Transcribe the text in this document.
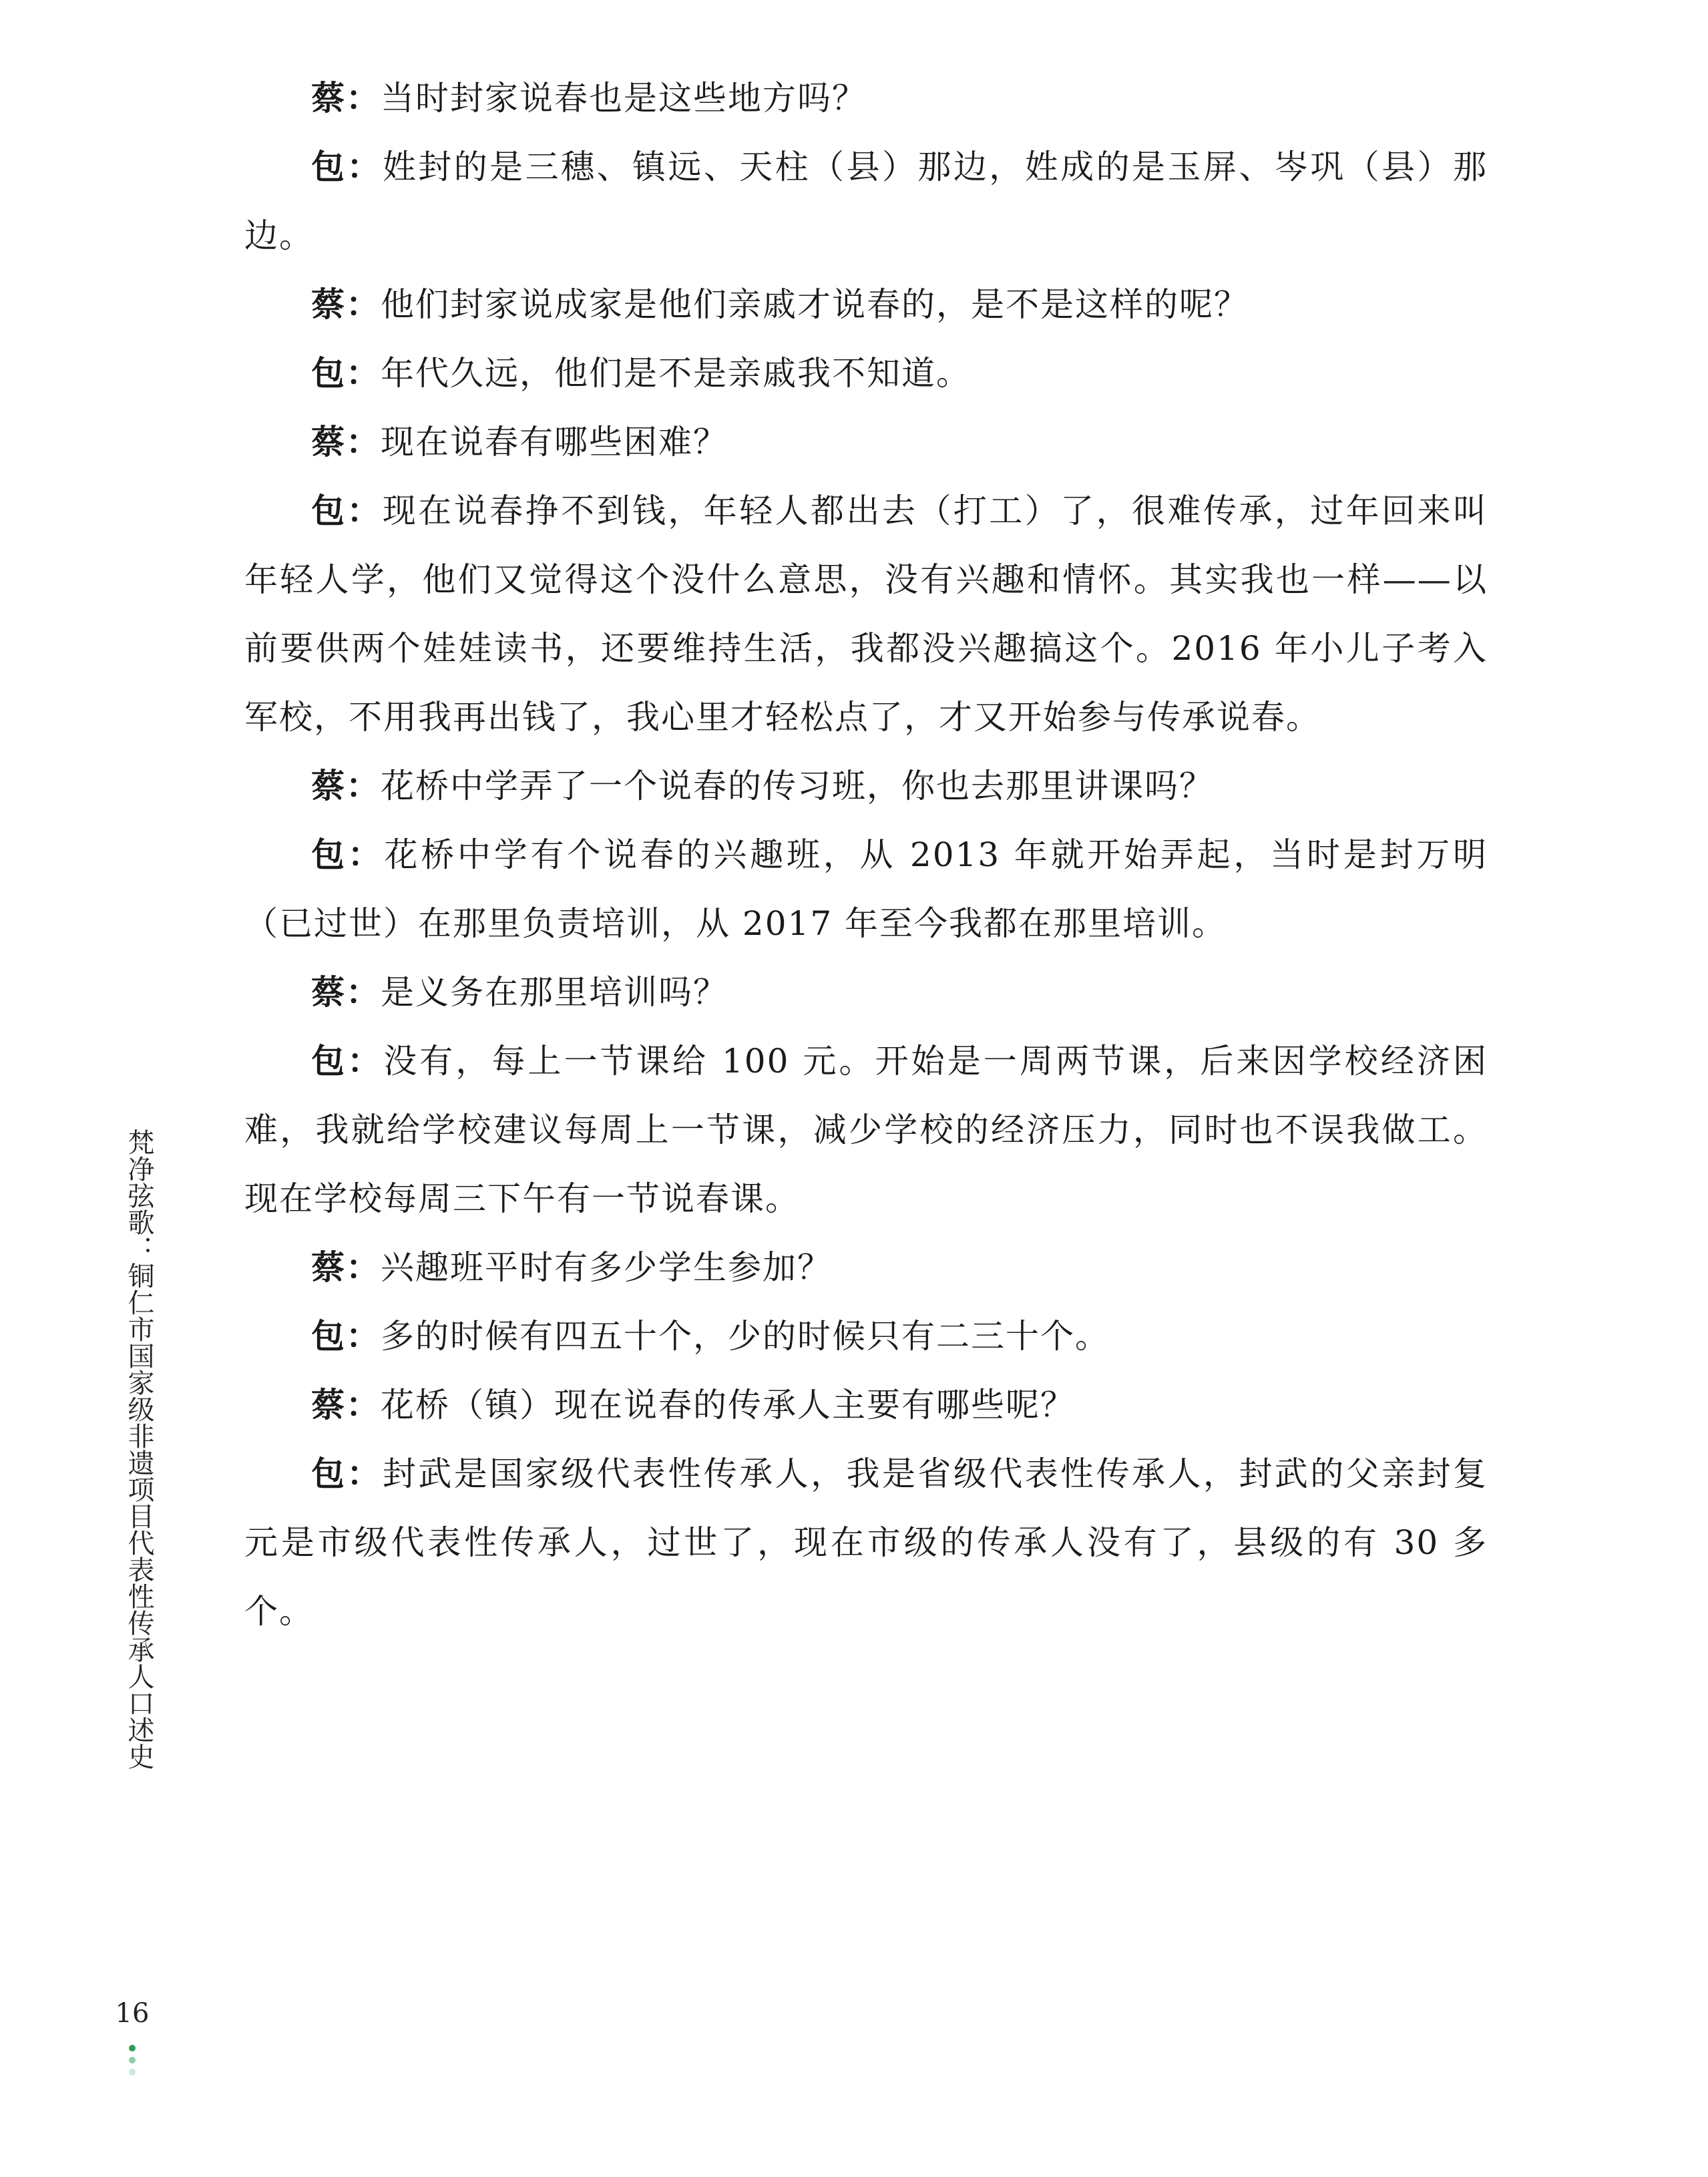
蔡：当时封家说春也是这些地方吗？

包：姓封的是三穗、镇远、天柱（县）那边，姓成的是玉屏、岑巩（县）那边。

蔡：他们封家说成家是他们亲戚才说春的，是不是这样的呢？

包：年代久远，他们是不是亲戚我不知道。

蔡：现在说春有哪些困难？

包：现在说春挣不到钱，年轻人都出去（打工）了，很难传承，过年回来叫年轻人学，他们又觉得这个没什么意思，没有兴趣和情怀。其实我也一样——以前要供两个娃娃读书，还要维持生活，我都没兴趣搞这个。2016 年小儿子考入军校，不用我再出钱了，我心里才轻松点了，才又开始参与传承说春。

蔡：花桥中学弄了一个说春的传习班，你也去那里讲课吗？

包：花桥中学有个说春的兴趣班，从 2013 年就开始弄起，当时是封万明（已过世）在那里负责培训，从 2017 年至今我都在那里培训。

蔡：是义务在那里培训吗？

包：没有，每上一节课给 100 元。开始是一周两节课，后来因学校经济困难，我就给学校建议每周上一节课，减少学校的经济压力，同时也不误我做工。现在学校每周三下午有一节说春课。

蔡：兴趣班平时有多少学生参加？

包：多的时候有四五十个，少的时候只有二三十个。

蔡：花桥（镇）现在说春的传承人主要有哪些呢？

包：封武是国家级代表性传承人，我是省级代表性传承人，封武的父亲封复元是市级代表性传承人，过世了，现在市级的传承人没有了，县级的有 30 多个。

梵净弦歌：铜仁市国家级非遗项目代表性传承人口述史
16
